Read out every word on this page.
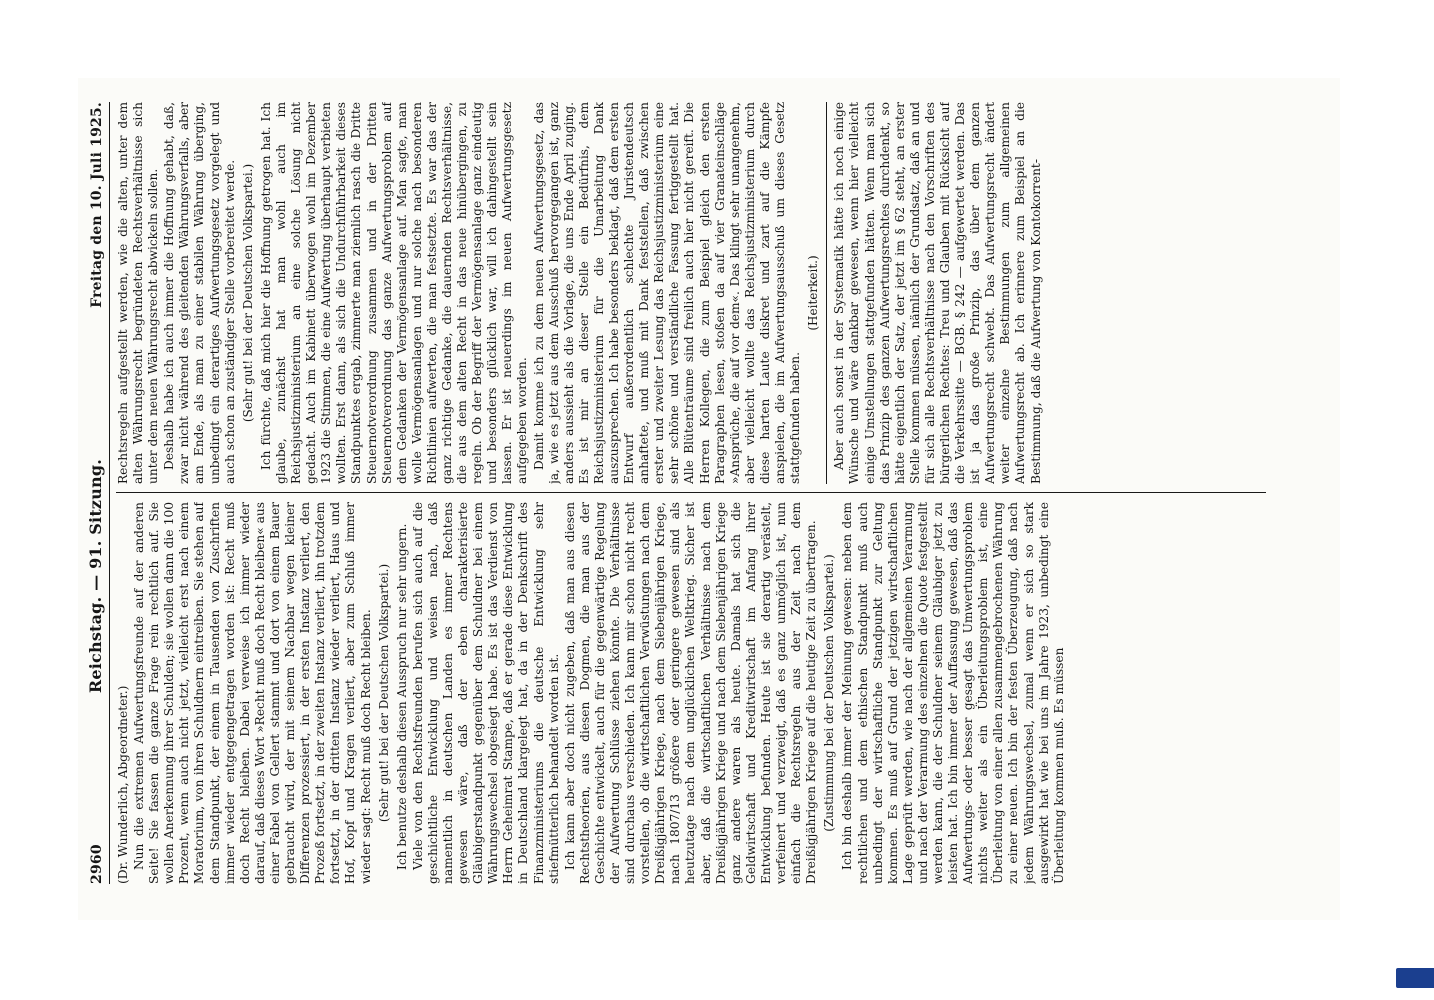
2960
Reichstag. — 91. Sitzung.
Freitag den 10. Juli 1925.

(Dr. Wunderlich, Abgeordneter.) Nun die extremen Aufwertungsfreunde auf der anderen Seite! Sie fassen die ganze Frage rein rechtlich auf. Sie wollen Anerkennung ihrer Schulden; sie wollen dann die 100 Prozent, wenn auch nicht jetzt, vielleicht erst nach einem Moratorium, von ihren Schuldnern eintreiben. Sie stehen auf dem Standpunkt, der einem in Tausenden von Zuschriften immer wieder entgegengetragen worden ist: Recht muß doch Recht bleiben. Dabei verweise ich immer wieder darauf, daß dieses Wort »Recht muß doch Recht bleiben« aus einer Fabel von Gellert stammt und dort von einem Bauer gebraucht wird, der mit seinem Nachbar wegen kleiner Differenzen prozessiert, in der ersten Instanz verliert, den Prozeß fortsetzt, in der zweiten Instanz verliert, ihn trotzdem fortsetzt, in der dritten Instanz wieder verliert, Haus und Hof, Kopf und Kragen verliert, aber zum Schluß immer wieder sagt: Recht muß doch Recht bleiben. (Sehr gut! bei der Deutschen Volkspartei.) Ich benutze deshalb diesen Ausspruch nur sehr ungern. Viele von den Rechtsfreunden berufen sich auch auf die geschichtliche Entwicklung und weisen nach, daß namentlich in deutschen Landen es immer Rechtens gewesen wäre, daß der eben charakterisierte Gläubigerstandpunkt gegenüber dem Schuldner bei einem Währungswechsel obgesiegt habe. Es ist das Verdienst von Herrn Geheimrat Stampe, daß er gerade diese Entwicklung in Deutschland klargelegt hat, da in der Denkschrift des Finanzministeriums die deutsche Entwicklung sehr stiefmütterlich behandelt worden ist. Ich kann aber doch nicht zugeben, daß man aus diesen Rechtstheorien, aus diesen Dogmen, die man aus der Geschichte entwickelt, auch für die gegenwärtige Regelung der Aufwertung Schlüsse ziehen könnte. Die Verhältnisse sind durchaus verschieden. Ich kann mir schon nicht recht vorstellen, ob die wirtschaftlichen Verwüstungen nach dem Dreißigjährigen Kriege, nach dem Siebenjährigen Kriege, nach 1807/13 größere oder geringere gewesen sind als heutzutage nach dem unglücklichen Weltkrieg. Sicher ist aber, daß die wirtschaftlichen Verhältnisse nach dem Dreißigjährigen Kriege und nach dem Siebenjährigen Kriege ganz andere waren als heute. Damals hat sich die Geldwirtschaft und Kreditwirtschaft im Anfang ihrer Entwicklung befunden. Heute ist sie derartig verästelt, verfeinert und verzweigt, daß es ganz unmöglich ist, nun einfach die Rechtsregeln aus der Zeit nach dem Dreißigjährigen Kriege auf die heutige Zeit zu übertragen. (Zustimmung bei der Deutschen Volkspartei.) Ich bin deshalb immer der Meinung gewesen: neben dem rechtlichen und dem ethischen Standpunkt muß auch unbedingt der wirtschaftliche Standpunkt zur Geltung kommen. Es muß auf Grund der jetzigen wirtschaftlichen Lage geprüft werden, wie nach der allgemeinen Verarmung und nach der Verarmung des einzelnen die Quote festgestellt werden kann, die der Schuldner seinem Gläubiger jetzt zu leisten hat. Ich bin immer der Auffassung gewesen, daß das Aufwertungs- oder besser gesagt das Umwertungsproblem nichts weiter als ein Überleitungsproblem ist, eine Überleitung von einer allen zusammengebrochenen Währung zu einer neuen. Ich bin der festen Überzeugung, daß nach jedem Währungswechsel, zumal wenn er sich so stark ausgewirkt hat wie bei uns im Jahre 1923, unbedingt eine Überleitung kommen muß. Es müssen

Rechtsregeln aufgestellt werden, wie die alten, unter dem alten Währungsrecht begründeten Rechtsverhältnisse sich unter dem neuen Währungsrecht abwickeln sollen. Deshalb habe ich auch immer die Hoffnung gehabt, daß, zwar nicht während des gleitenden Währungsverfalls, aber am Ende, als man zu einer stabilen Währung überging, unbedingt ein derartiges Aufwertungsgesetz vorgelegt und auch schon an zuständiger Stelle vorbereitet werde. (Sehr gut! bei der Deutschen Volkspartei.) Ich fürchte, daß mich hier die Hoffnung getrogen hat. Ich glaube, zunächst hat man wohl auch im Reichsjustizministerium an eine solche Lösung nicht gedacht. Auch im Kabinett überwogen wohl im Dezember 1923 die Stimmen, die eine Aufwertung überhaupt verbieten wollten. Erst dann, als sich die Undurchführbarkeit dieses Standpunktes ergab, zimmerte man ziemlich rasch die Dritte Steuernotverordnung zusammen und in der Dritten Steuernotverordnung das ganze Aufwertungsproblem auf dem Gedanken der Vermögensanlage auf. Man sagte, man wolle Vermögensanlagen und nur solche nach besonderen Richtlinien aufwerten, die man festsetzte. Es war das der ganz richtige Gedanke, die dauernden Rechtsverhältnisse, die aus dem alten Recht in das neue hinübergingen, zu regeln. Ob der Begriff der Vermögensanlage ganz eindeutig und besonders glücklich war, will ich dahingestellt sein lassen. Er ist neuerdings im neuen Aufwertungsgesetz aufgegeben worden. Damit komme ich zu dem neuen Aufwertungsgesetz, das ja, wie es jetzt aus dem Ausschuß hervorgegangen ist, ganz anders aussieht als die Vorlage, die uns Ende April zuging. Es ist mir an dieser Stelle ein Bedürfnis, dem Reichsjustizministerium für die Umarbeitung Dank auszusprechen. Ich habe besonders beklagt, daß dem ersten Entwurf außerordentlich schlechte Juristendeutsch anhaftete, und muß mit Dank feststellen, daß zwischen erster und zweiter Lesung das Reichsjustizministerium eine sehr schöne und verständliche Fassung fertiggestellt hat. Alle Blütenträume sind freilich auch hier nicht gereift. Die Herren Kollegen, die zum Beispiel gleich den ersten Paragraphen lesen, stoßen da auf vier Granateinschläge »Ansprüche, die auf vor dem«. Das klingt sehr unangenehm, aber vielleicht wollte das Reichsjustizministerium durch diese harten Laute diskret und zart auf die Kämpfe anspielen, die im Aufwertungsausschuß um dieses Gesetz stattgefunden haben.

(Heiterkeit.) Aber auch sonst in der Systematik hätte ich noch einige Wünsche und wäre dankbar gewesen, wenn hier vielleicht einige Umstellungen stattgefunden hätten. Wenn man sich das Prinzip des ganzen Aufwertungsrechtes durchdenkt, so hätte eigentlich der Satz, der jetzt im § 62 steht, an erster Stelle kommen müssen, nämlich der Grundsatz, daß an und für sich alle Rechtsverhältnisse nach den Vorschriften des bürgerlichen Rechtes: Treu und Glauben mit Rücksicht auf die Verkehrssitte — BGB. § 242 — aufgewertet werden. Das ist ja das große Prinzip, das über dem ganzen Aufwertungsrecht schwebt. Das Aufwertungsrecht ändert weiter einzelne Bestimmungen zum allgemeinen Aufwertungsrecht ab. Ich erinnere zum Beispiel an die Bestimmung, daß die Aufwertung von Kontokorrent-
